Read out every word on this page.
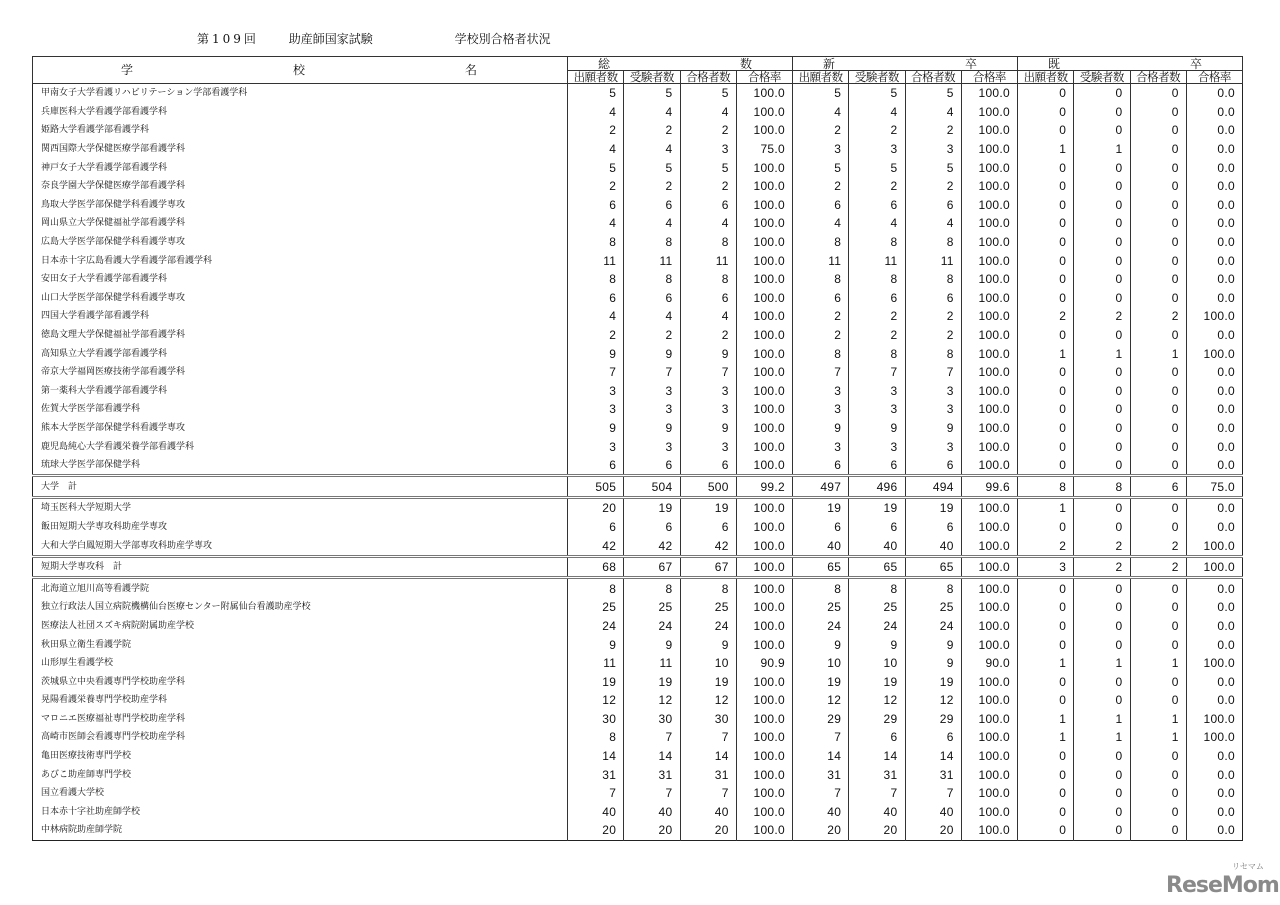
第109回 助産師国家試験	学校別合格者状況
学 校 名	総 数				新 卒				既 卒			

	出願者数	受験者数	合格者数	合格率	出願者数	受験者数	合格者数	合格率	出願者数	受験者数	合格者数	合格率
甲南女子大学看護リハビリテーション学部看護学科	5	5	5	100.0	5	5	5	100.0	0	0	0	0.0
兵庫医科大学看護学部看護学科	4	4	4	100.0	4	4	4	100.0	0	0	0	0.0
姫路大学看護学部看護学科	2	2	2	100.0	2	2	2	100.0	0	0	0	0.0
関西国際大学保健医療学部看護学科	4	4	3	75.0	3	3	3	100.0	1	1	0	0.0
神戸女子大学看護学部看護学科	5	5	5	100.0	5	5	5	100.0	0	0	0	0.0
奈良学園大学保健医療学部看護学科	2	2	2	100.0	2	2	2	100.0	0	0	0	0.0
鳥取大学医学部保健学科看護学専攻	6	6	6	100.0	6	6	6	100.0	0	0	0	0.0
岡山県立大学保健福祉学部看護学科	4	4	4	100.0	4	4	4	100.0	0	0	0	0.0
広島大学医学部保健学科看護学専攻	8	8	8	100.0	8	8	8	100.0	0	0	0	0.0
日本赤十字広島看護大学看護学部看護学科	11	11	11	100.0	11	11	11	100.0	0	0	0	0.0
安田女子大学看護学部看護学科	8	8	8	100.0	8	8	8	100.0	0	0	0	0.0
山口大学医学部保健学科看護学専攻	6	6	6	100.0	6	6	6	100.0	0	0	0	0.0
四国大学看護学部看護学科	4	4	4	100.0	2	2	2	100.0	2	2	2	100.0
徳島文理大学保健福祉学部看護学科	2	2	2	100.0	2	2	2	100.0	0	0	0	0.0
高知県立大学看護学部看護学科	9	9	9	100.0	8	8	8	100.0	1	1	1	100.0
帝京大学福岡医療技術学部看護学科	7	7	7	100.0	7	7	7	100.0	0	0	0	0.0
第一薬科大学看護学部看護学科	3	3	3	100.0	3	3	3	100.0	0	0	0	0.0
佐賀大学医学部看護学科	3	3	3	100.0	3	3	3	100.0	0	0	0	0.0
熊本大学医学部保健学科看護学専攻	9	9	9	100.0	9	9	9	100.0	0	0	0	0.0
鹿児島純心大学看護栄養学部看護学科	3	3	3	100.0	3	3	3	100.0	0	0	0	0.0
琉球大学医学部保健学科	6	6	6	100.0	6	6	6	100.0	0	0	0	0.0
大学　計	505	504	500	99.2	497	496	494	99.6	8	8	6	75.0
埼玉医科大学短期大学	20	19	19	100.0	19	19	19	100.0	1	0	0	0.0
飯田短期大学専攻科助産学専攻	6	6	6	100.0	6	6	6	100.0	0	0	0	0.0
大和大学白鳳短期大学部専攻科助産学専攻	42	42	42	100.0	40	40	40	100.0	2	2	2	100.0
短期大学専攻科　計	68	67	67	100.0	65	65	65	100.0	3	2	2	100.0
北海道立旭川高等看護学院	8	8	8	100.0	8	8	8	100.0	0	0	0	0.0
独立行政法人国立病院機構仙台医療センター附属仙台看護助産学校	25	25	25	100.0	25	25	25	100.0	0	0	0	0.0
医療法人社団スズキ病院附属助産学校	24	24	24	100.0	24	24	24	100.0	0	0	0	0.0
秋田県立衛生看護学院	9	9	9	100.0	9	9	9	100.0	0	0	0	0.0
山形厚生看護学校	11	11	10	90.9	10	10	9	90.0	1	1	1	100.0
茨城県立中央看護専門学校助産学科	19	19	19	100.0	19	19	19	100.0	0	0	0	0.0
晃陽看護栄養専門学校助産学科	12	12	12	100.0	12	12	12	100.0	0	0	0	0.0
マロニエ医療福祉専門学校助産学科	30	30	30	100.0	29	29	29	100.0	1	1	1	100.0
高崎市医師会看護専門学校助産学科	8	7	7	100.0	7	6	6	100.0	1	1	1	100.0
亀田医療技術専門学校	14	14	14	100.0	14	14	14	100.0	0	0	0	0.0
あびこ助産師専門学校	31	31	31	100.0	31	31	31	100.0	0	0	0	0.0
国立看護大学校	7	7	7	100.0	7	7	7	100.0	0	0	0	0.0
日本赤十字社助産師学校	40	40	40	100.0	40	40	40	100.0	0	0	0	0.0
中林病院助産師学院	20	20	20	100.0	20	20	20	100.0	0	0	0	0.0
リセマム
ReseMom
